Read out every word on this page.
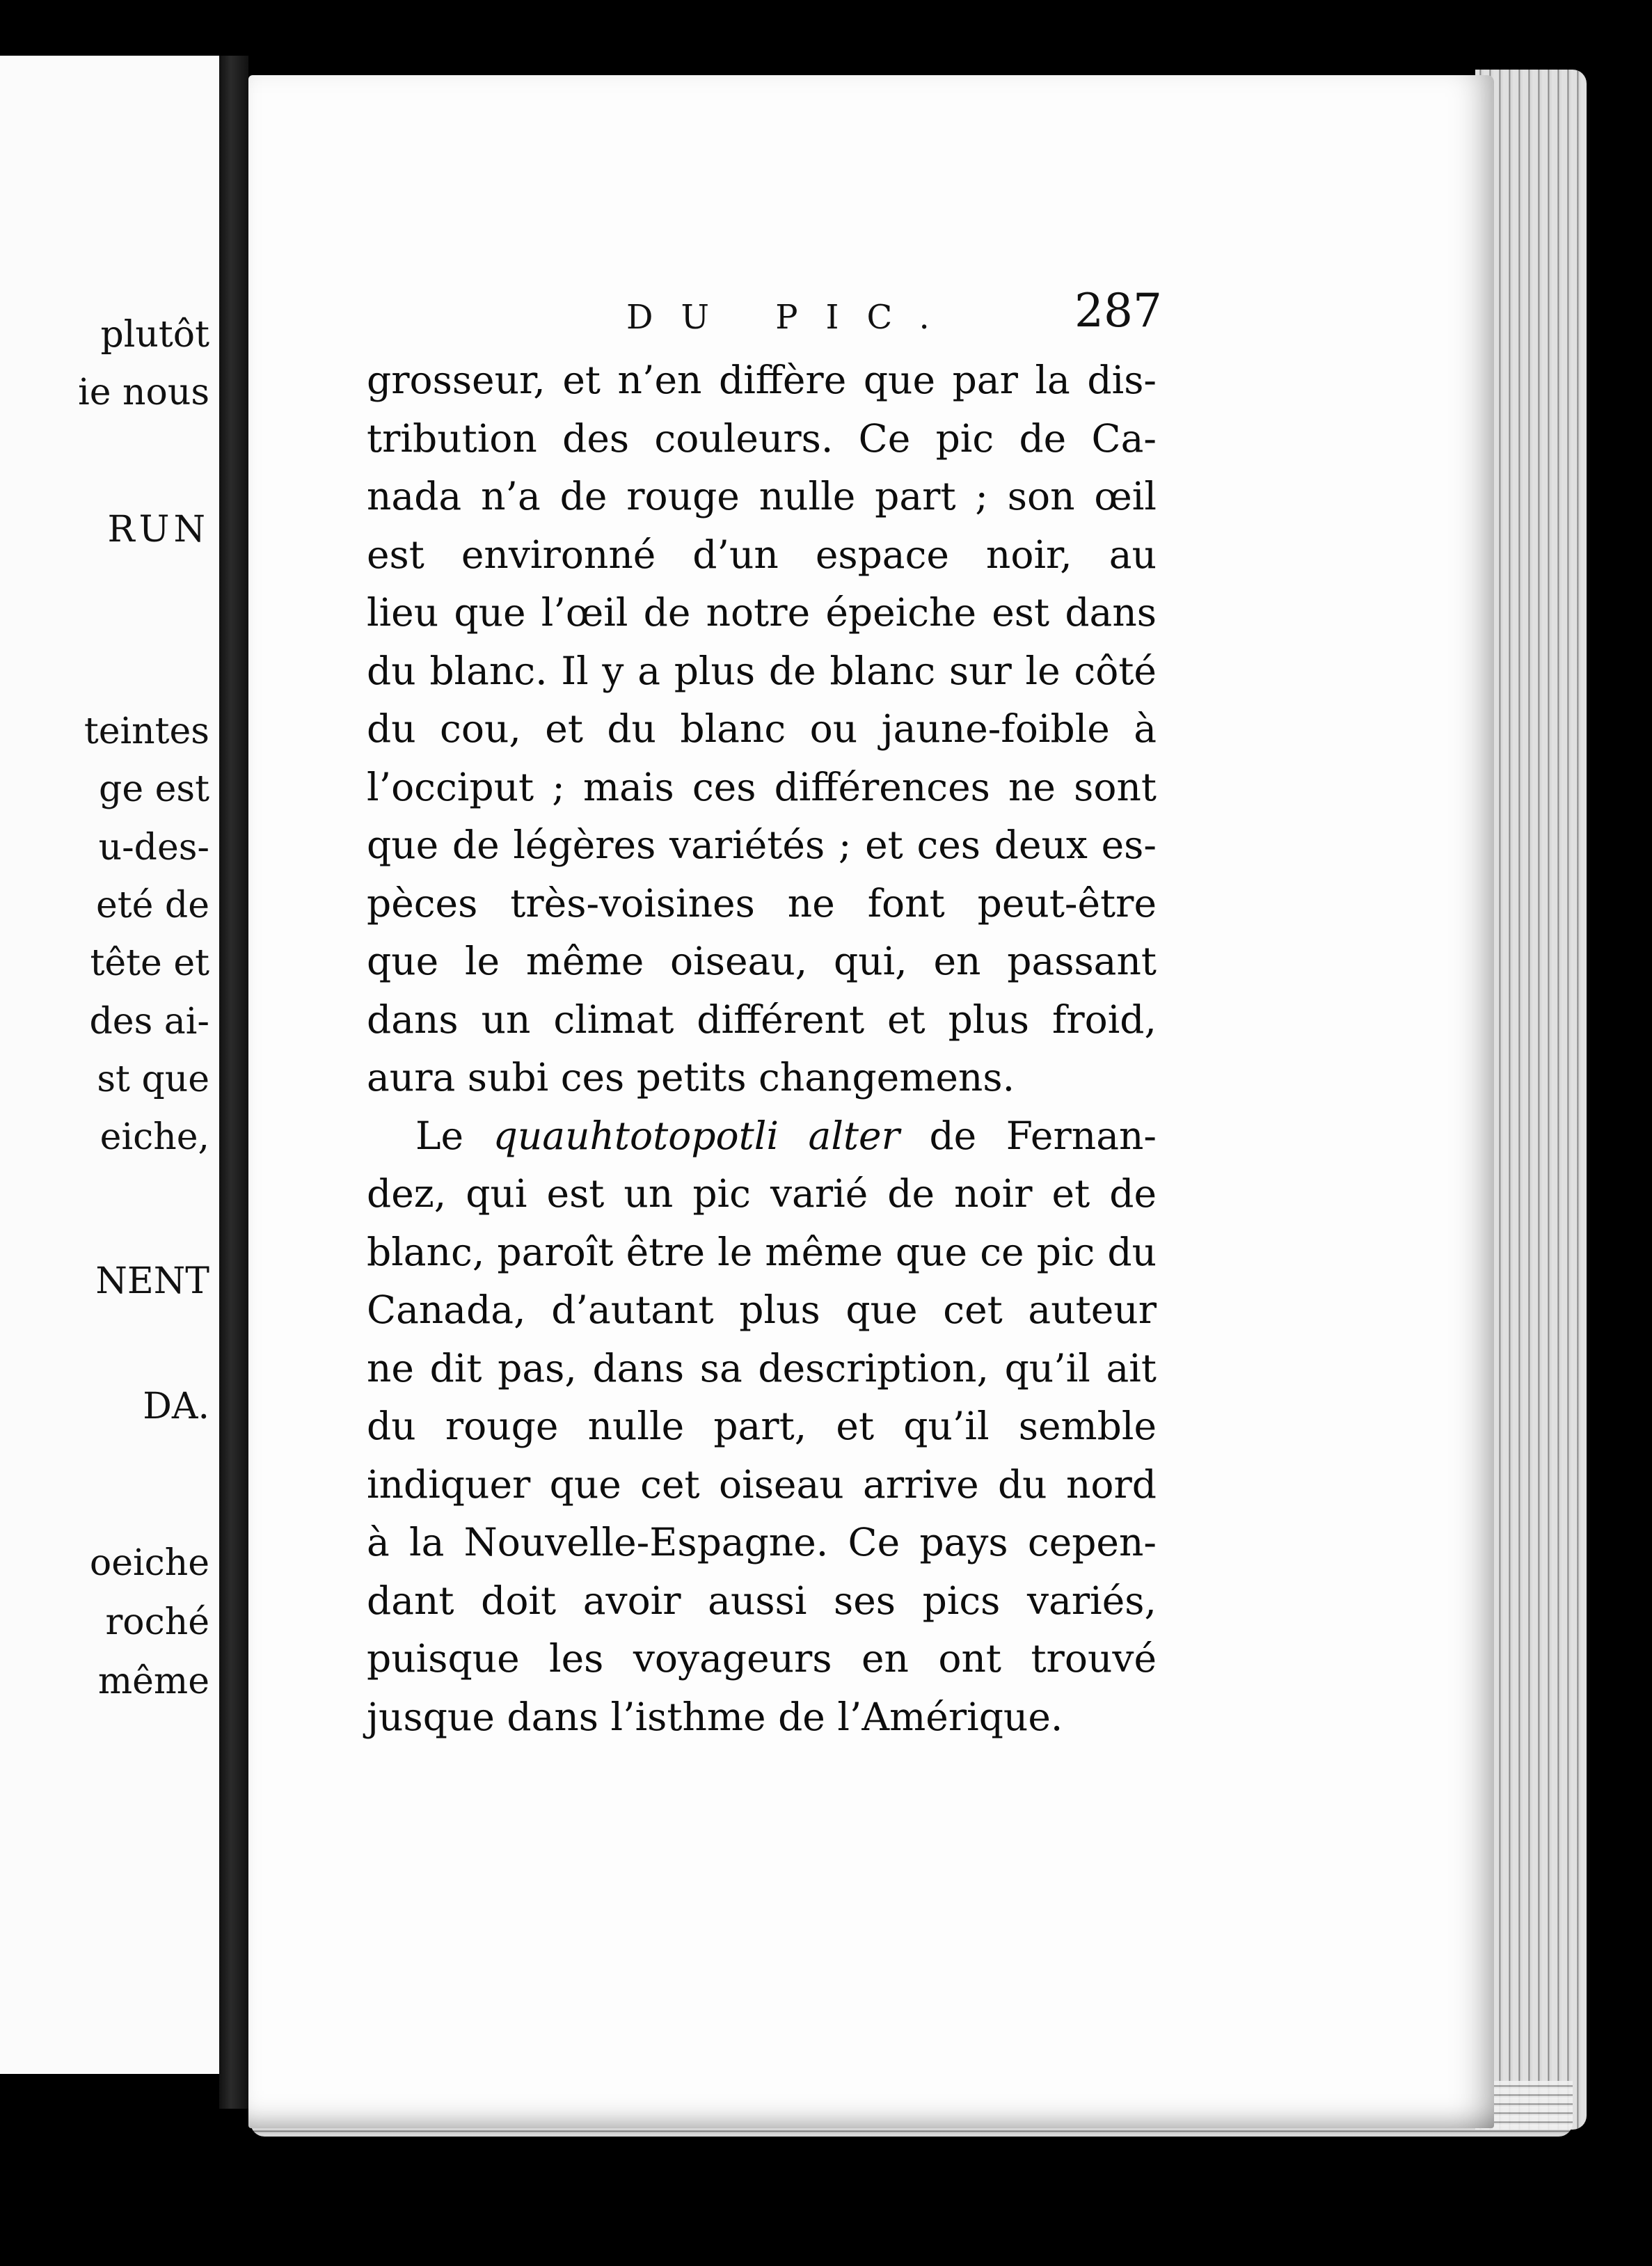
plutôt
ie nous
RUN
teintes
ge est
u-des-
eté de
tête et
des ai-
st que
eiche,
NENT
DA.
oeiche
roché
même
DU PIC.	287
grosseur, et n’en diffère que par la dis-
tribution des couleurs. Ce pic de Ca-
nada n’a de rouge nulle part ; son œil
est environné d’un espace noir, au
lieu que l’œil de notre épeiche est dans
du blanc. Il y a plus de blanc sur le côté
du cou, et du blanc ou jaune-foible à
l’occiput ; mais ces différences ne sont
que de légères variétés ; et ces deux es-
pèces très-voisines ne font peut-être
que le même oiseau, qui, en passant
dans un climat différent et plus froid,
aura subi ces petits changemens.
Le quauhtotopotli alter de Fernan-
dez, qui est un pic varié de noir et de
blanc, paroît être le même que ce pic du
Canada, d’autant plus que cet auteur
ne dit pas, dans sa description, qu’il ait
du rouge nulle part, et qu’il semble
indiquer que cet oiseau arrive du nord
à la Nouvelle-Espagne. Ce pays cepen-
dant doit avoir aussi ses pics variés,
puisque les voyageurs en ont trouvé
jusque dans l’isthme de l’Amérique.
